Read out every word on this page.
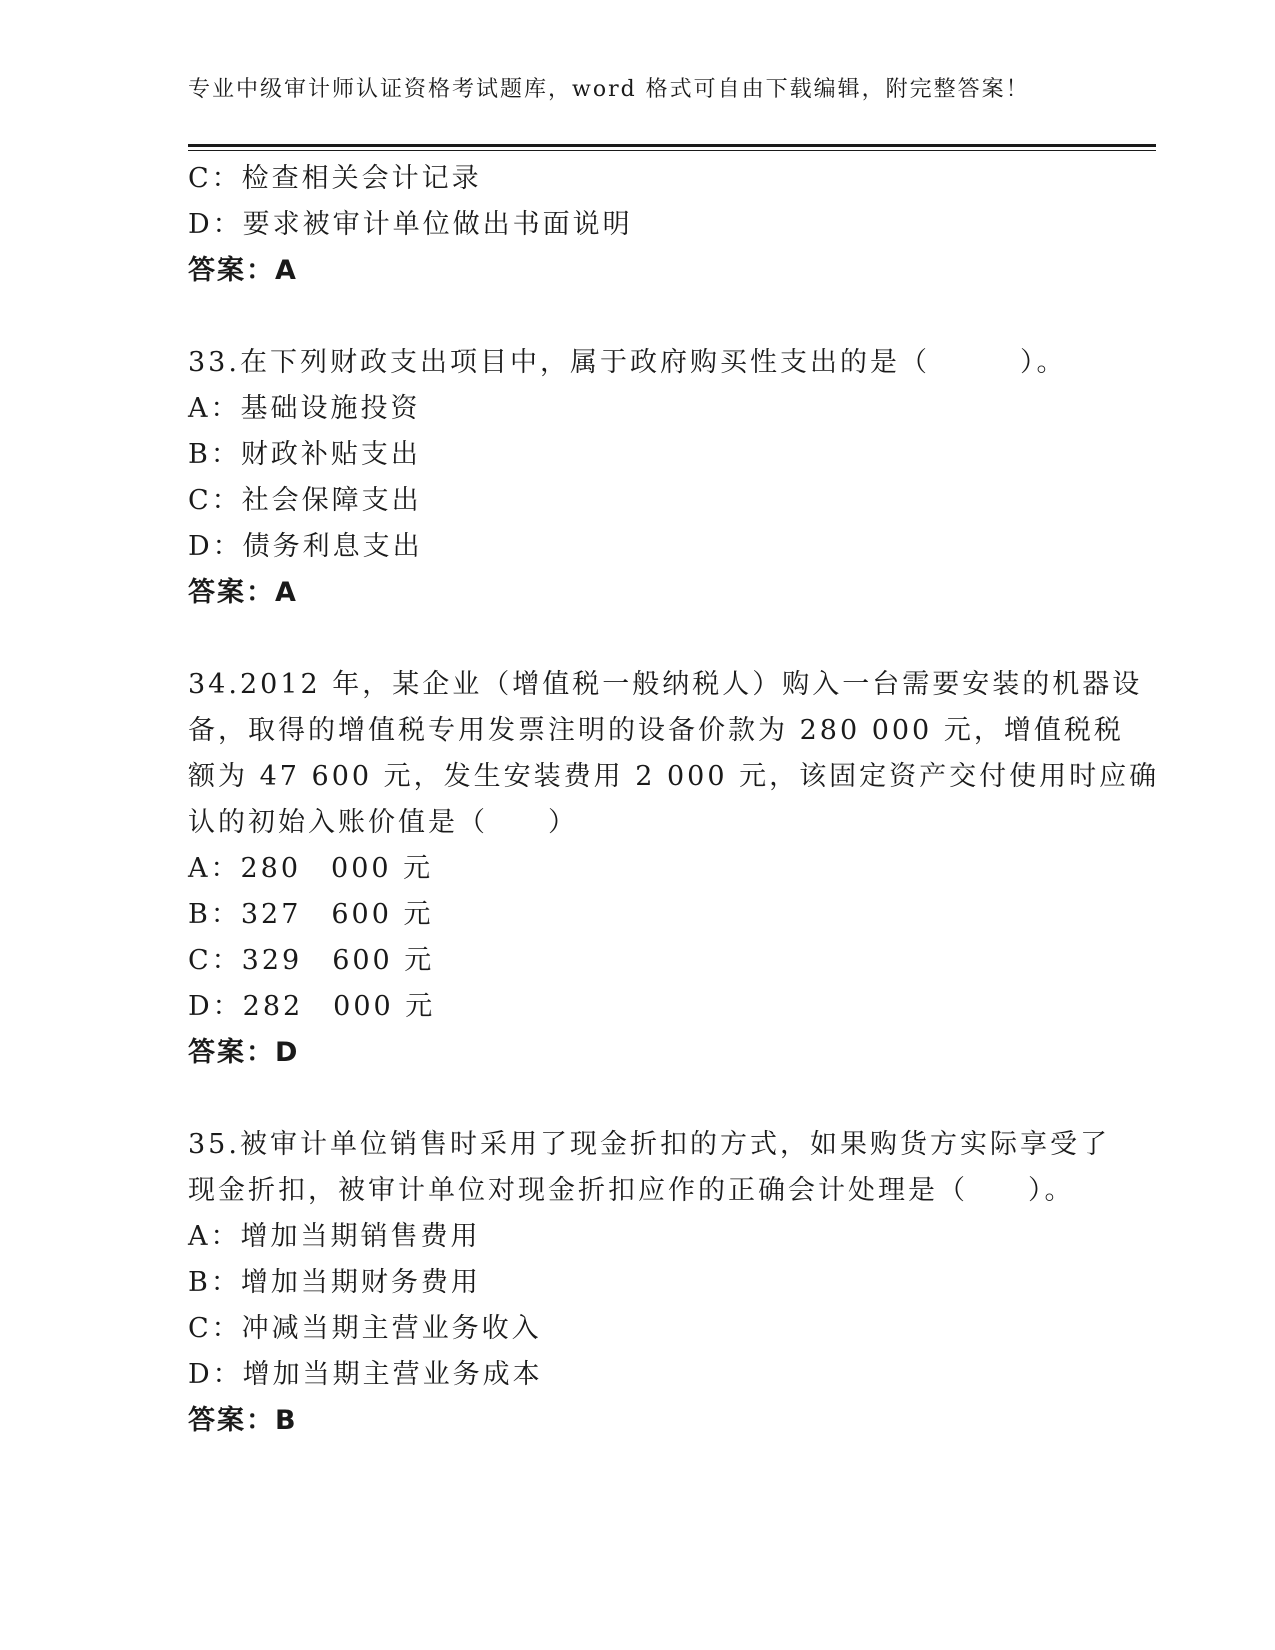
专业中级审计师认证资格考试题库，word 格式可自由下载编辑，附完整答案！
C：检查相关会计记录
D：要求被审计单位做出书面说明
答案：A
33.在下列财政支出项目中，属于政府购买性支出的是（　　　）。
A：基础设施投资
B：财政补贴支出
C：社会保障支出
D：债务利息支出
答案：A
34.2012 年，某企业（增值税一般纳税人）购入一台需要安装的机器设
备，取得的增值税专用发票注明的设备价款为 280 000 元，增值税税
额为 47 600 元，发生安装费用 2 000 元，该固定资产交付使用时应确
认的初始入账价值是（　　）
A：280　000 元
B：327　600 元
C：329　600 元
D：282　000 元
答案：D
35.被审计单位销售时采用了现金折扣的方式，如果购货方实际享受了
现金折扣，被审计单位对现金折扣应作的正确会计处理是（　　）。
A：增加当期销售费用
B：增加当期财务费用
C：冲减当期主营业务收入
D：增加当期主营业务成本
答案：B
